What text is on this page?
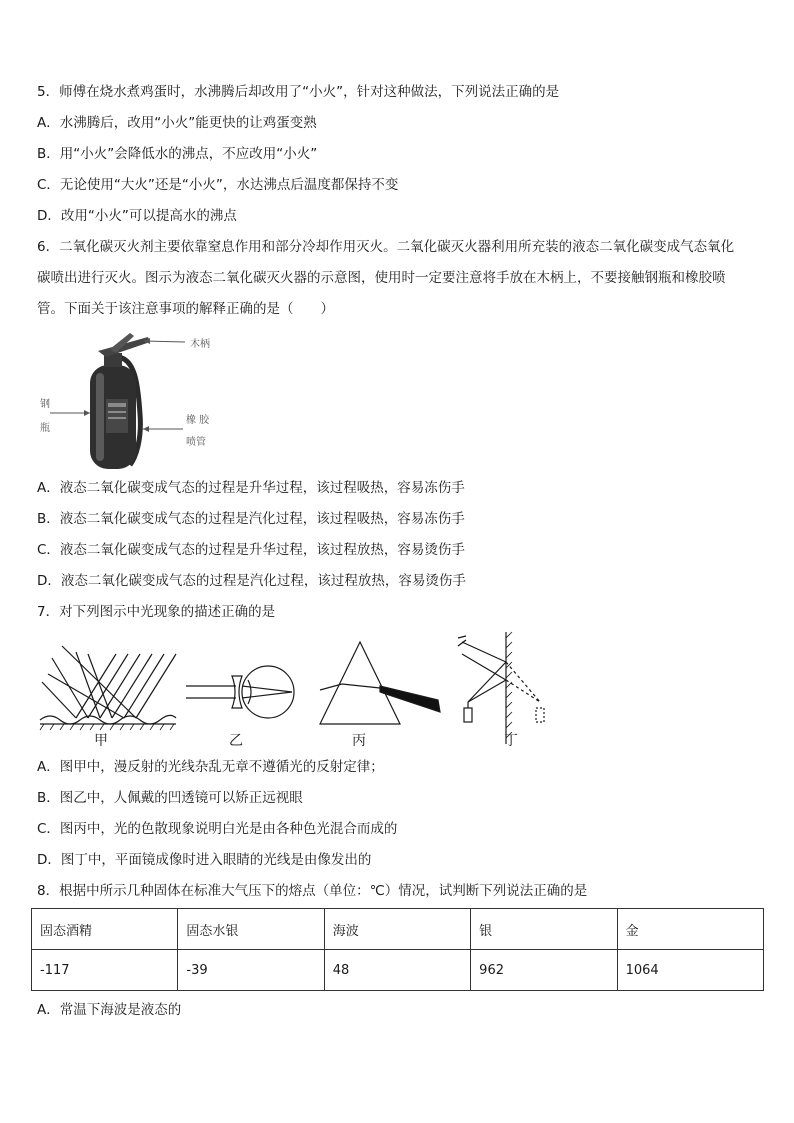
5．师傅在烧水煮鸡蛋时，水沸腾后却改用了“小火”，针对这种做法，下列说法正确的是
A．水沸腾后，改用“小火”能更快的让鸡蛋变熟
B．用“小火”会降低水的沸点，不应改用“小火”
C．无论使用“大火”还是“小火”，水达沸点后温度都保持不变
D．改用“小火”可以提高水的沸点
6．二氧化碳灭火剂主要依靠窒息作用和部分冷却作用灭火。二氧化碳灭火器利用所充装的液态二氧化碳变成气态氧化
碳喷出进行灭火。图示为液态二氧化碳灭火器的示意图，使用时一定要注意将手放在木柄上，不要接触钢瓶和橡胶喷
管。下面关于该注意事项的解释正确的是（　　）
木柄
钢
瓶
橡 胶
喷管
A．液态二氧化碳变成气态的过程是升华过程，该过程吸热，容易冻伤手
B．液态二氧化碳变成气态的过程是汽化过程，该过程吸热，容易冻伤手
C．液态二氧化碳变成气态的过程是升华过程，该过程放热，容易烫伤手
D．液态二氧化碳变成气态的过程是汽化过程，该过程放热，容易烫伤手
7．对下列图示中光现象的描述正确的是
甲	乙	丙	丁
A．图甲中，漫反射的光线杂乱无章不遵循光的反射定律；
B．图乙中，人佩戴的凹透镜可以矫正远视眼
C．图丙中，光的色散现象说明白光是由各种色光混合而成的
D．图丁中，平面镜成像时进入眼睛的光线是由像发出的
8．根据中所示几种固体在标准大气压下的熔点（单位：℃）情况，试判断下列说法正确的是
固态酒精	固态水银	海波	银	金
-117	-39	48	962	1064
A．常温下海波是液态的
